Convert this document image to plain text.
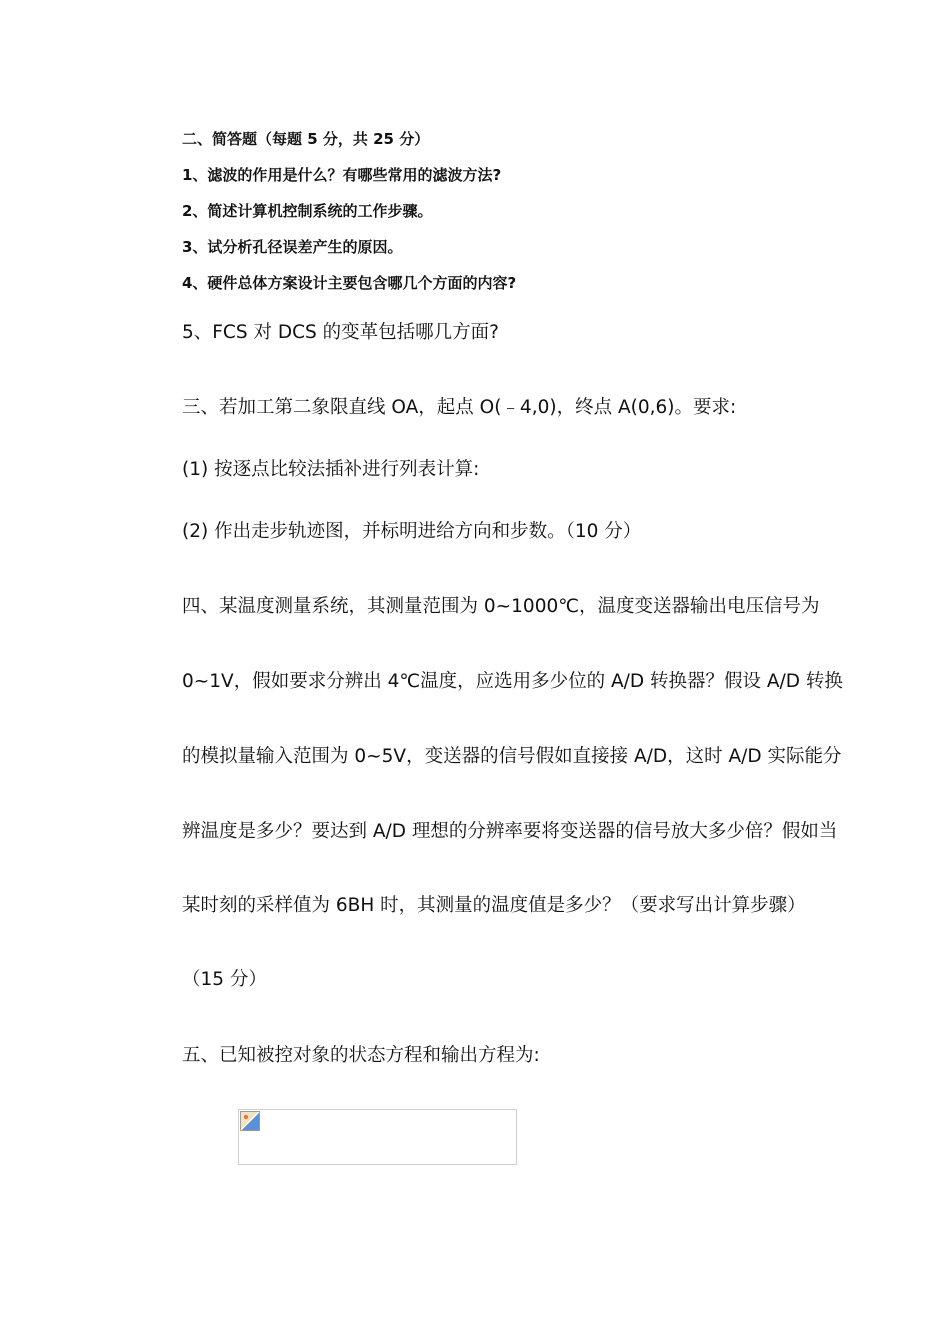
二、简答题（每题 5 分，共 25 分）
1、滤波的作用是什么？有哪些常用的滤波方法?
2、简述计算机控制系统的工作步骤。
3、试分析孔径误差产生的原因。
4、硬件总体方案设计主要包含哪几个方面的内容?
5、FCS 对 DCS 的变革包括哪几方面?
三、若加工第二象限直线 OA，起点 O(﹣4,0)，终点 A(0,6)。要求:
(1) 按逐点比较法插补进行列表计算:
(2) 作出走步轨迹图，并标明进给方向和步数。（10 分）
四、某温度测量系统，其测量范围为 0~1000℃，温度变送器输出电压信号为
0~1V，假如要求分辨出 4℃温度，应选用多少位的 A/D 转换器？假设 A/D 转换
的模拟量输入范围为 0~5V，变送器的信号假如直接接 A/D，这时 A/D 实际能分
辨温度是多少？要达到 A/D 理想的分辨率要将变送器的信号放大多少倍？假如当
某时刻的采样值为 6BH 时，其测量的温度值是多少？（要求写出计算步骤）
（15 分）
五、已知被控对象的状态方程和输出方程为:
